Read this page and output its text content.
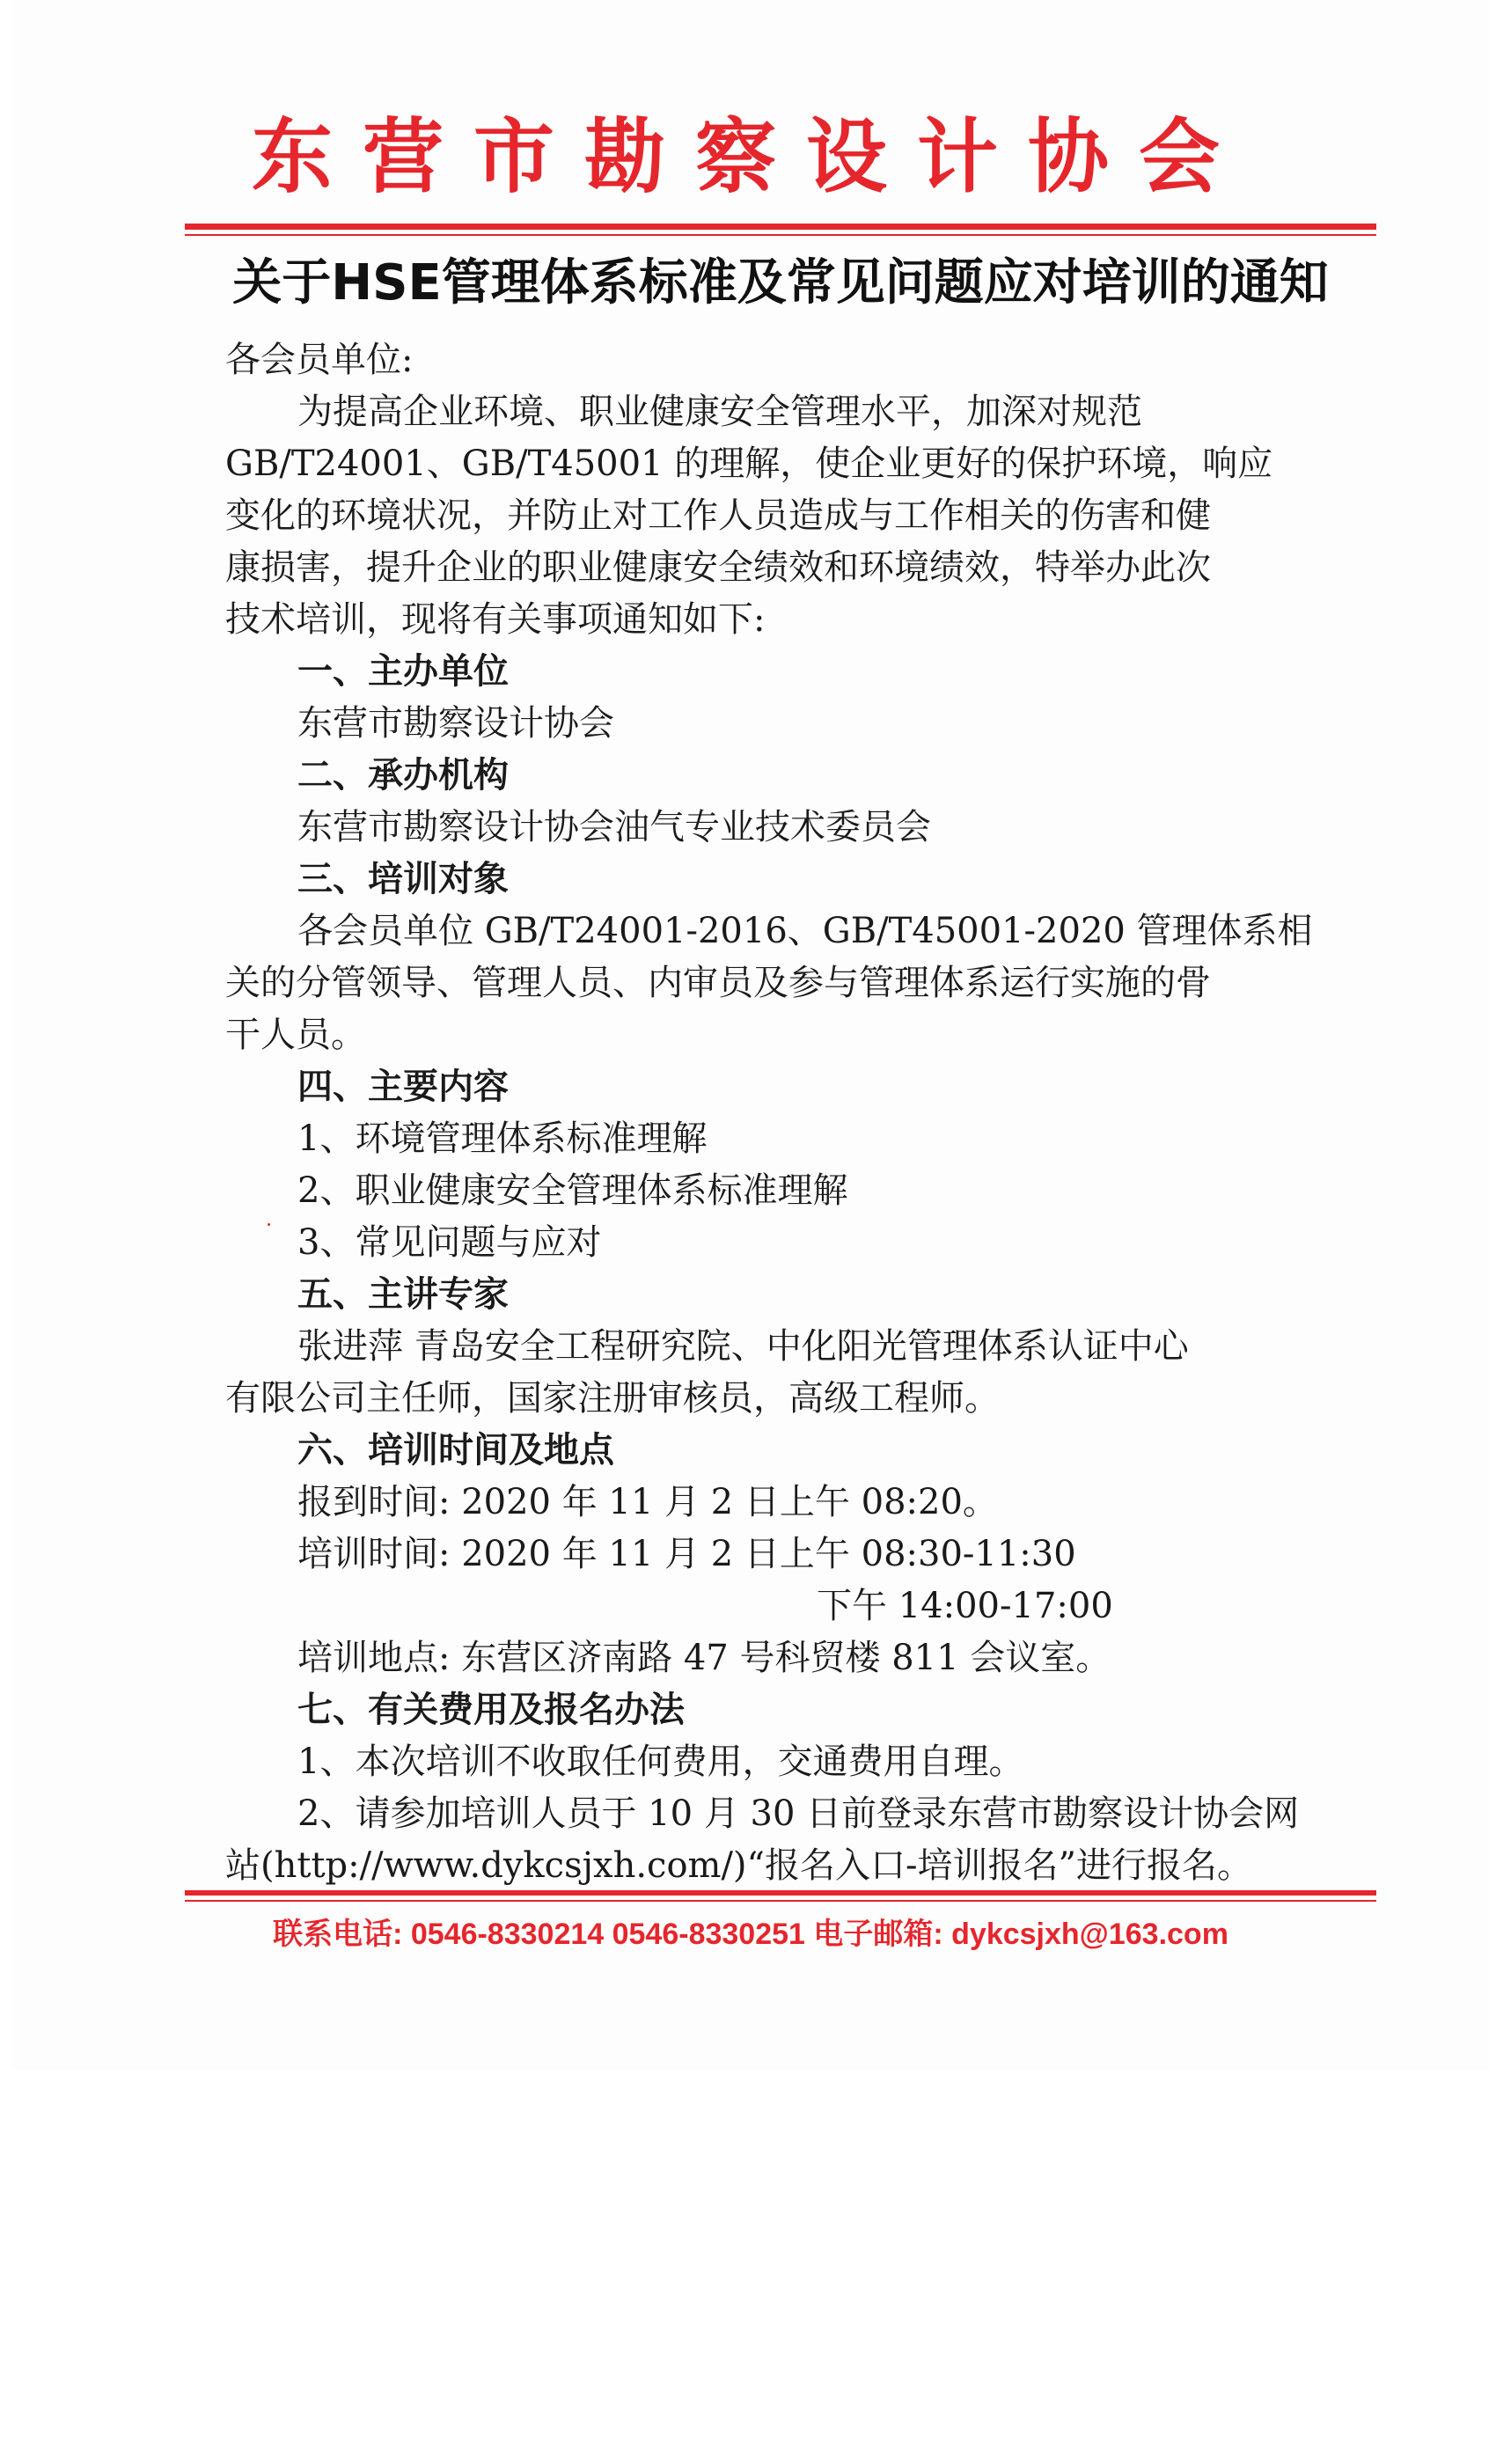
东营市勘察设计协会
关于HSE管理体系标准及常见问题应对培训的通知
各会员单位:
为提高企业环境、职业健康安全管理水平，加深对规范
GB/T24001、GB/T45001 的理解，使企业更好的保护环境，响应
变化的环境状况，并防止对工作人员造成与工作相关的伤害和健
康损害，提升企业的职业健康安全绩效和环境绩效，特举办此次
技术培训，现将有关事项通知如下:
一、主办单位
东营市勘察设计协会
二、承办机构
东营市勘察设计协会油气专业技术委员会
三、培训对象
各会员单位 GB/T24001-2016、GB/T45001-2020 管理体系相
关的分管领导、管理人员、内审员及参与管理体系运行实施的骨
干人员。
四、主要内容
1、环境管理体系标准理解
2、职业健康安全管理体系标准理解
3、常见问题与应对
五、主讲专家
张进萍 青岛安全工程研究院、中化阳光管理体系认证中心
有限公司主任师，国家注册审核员，高级工程师。
六、培训时间及地点
报到时间: 2020 年 11 月 2 日上午 08:20。
培训时间: 2020 年 11 月 2 日上午 08:30-11:30
下午 14:00-17:00
培训地点: 东营区济南路 47 号科贸楼 811 会议室。
七、有关费用及报名办法
1、本次培训不收取任何费用，交通费用自理。
2、请参加培训人员于 10 月 30 日前登录东营市勘察设计协会网
站(http://www.dykcsjxh.com/)“报名入口-培训报名”进行报名。
联系电话: 0546-8330214 0546-8330251 电子邮箱: dykcsjxh@163.com
